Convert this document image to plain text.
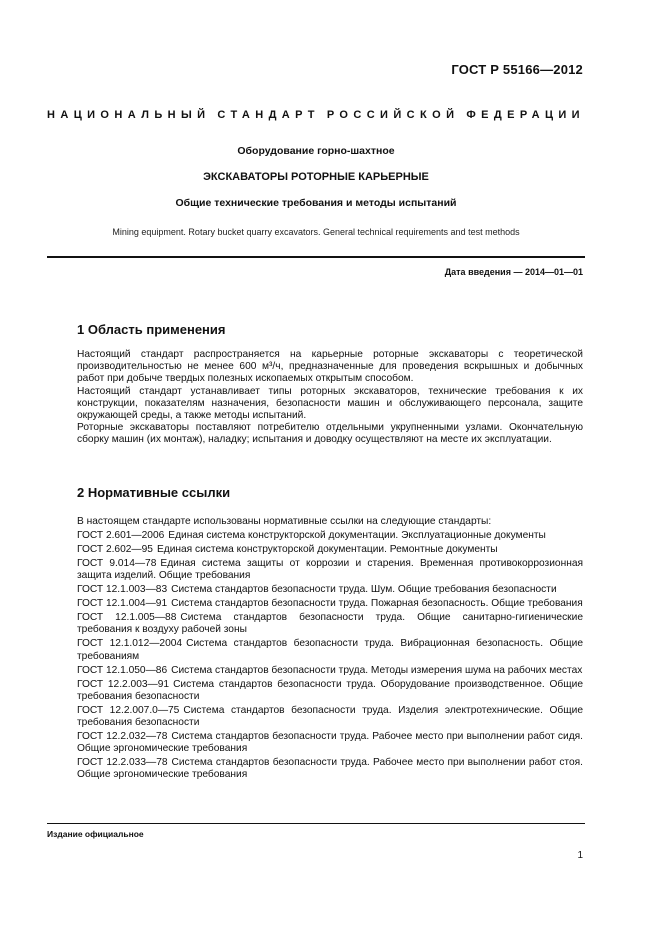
ГОСТ Р 55166—2012
НАЦИОНАЛЬНЫЙ СТАНДАРТ РОССИЙСКОЙ ФЕДЕРАЦИИ
Оборудование горно-шахтное
ЭКСКАВАТОРЫ РОТОРНЫЕ КАРЬЕРНЫЕ
Общие технические требования и методы испытаний
Mining equipment. Rotary bucket quarry excavators. General technical requirements and test methods
Дата введения — 2014—01—01
1 Область применения

Настоящий стандарт распространяется на карьерные роторные экскаваторы с теоретической производительностью не менее 600 м³/ч, предназначенные для проведения вскрышных и добычных работ при добыче твердых полезных ископаемых открытым способом.

Настоящий стандарт устанавливает типы роторных экскаваторов, технические требования к их конструкции, показателям назначения, безопасности машин и обслуживающего персонала, защите окружающей среды, а также методы испытаний.

Роторные экскаваторы поставляют потребителю отдельными укрупненными узлами. Окончательную сборку машин (их монтаж), наладку; испытания и доводку осуществляют на месте их эксплуатации.

2 Нормативные ссылки
В настоящем стандарте использованы нормативные ссылки на следующие стандарты:

ГОСТ 2.601—2006 Единая система конструкторской документации. Эксплуатационные документы

ГОСТ 2.602—95 Единая система конструкторской документации. Ремонтные документы

ГОСТ 9.014—78 Единая система защиты от коррозии и старения. Временная противокоррозионная защита изделий. Общие требования

ГОСТ 12.1.003—83 Система стандартов безопасности труда. Шум. Общие требования безопасности

ГОСТ 12.1.004—91 Система стандартов безопасности труда. Пожарная безопасность. Общие требования

ГОСТ 12.1.005—88 Система стандартов безопасности труда. Общие санитарно-гигиенические требования к воздуху рабочей зоны

ГОСТ 12.1.012—2004 Система стандартов безопасности труда. Вибрационная безопасность. Общие требованиям

ГОСТ 12.1.050—86 Система стандартов безопасности труда. Методы измерения шума на рабочих местах

ГОСТ 12.2.003—91 Система стандартов безопасности труда. Оборудование производственное. Общие требования безопасности

ГОСТ 12.2.007.0—75 Система стандартов безопасности труда. Изделия электротехнические. Общие требования безопасности

ГОСТ 12.2.032—78 Система стандартов безопасности труда. Рабочее место при выполнении работ сидя. Общие эргономические требования

ГОСТ 12.2.033—78 Система стандартов безопасности труда. Рабочее место при выполнении работ стоя. Общие эргономические требования

Издание официальное
1
